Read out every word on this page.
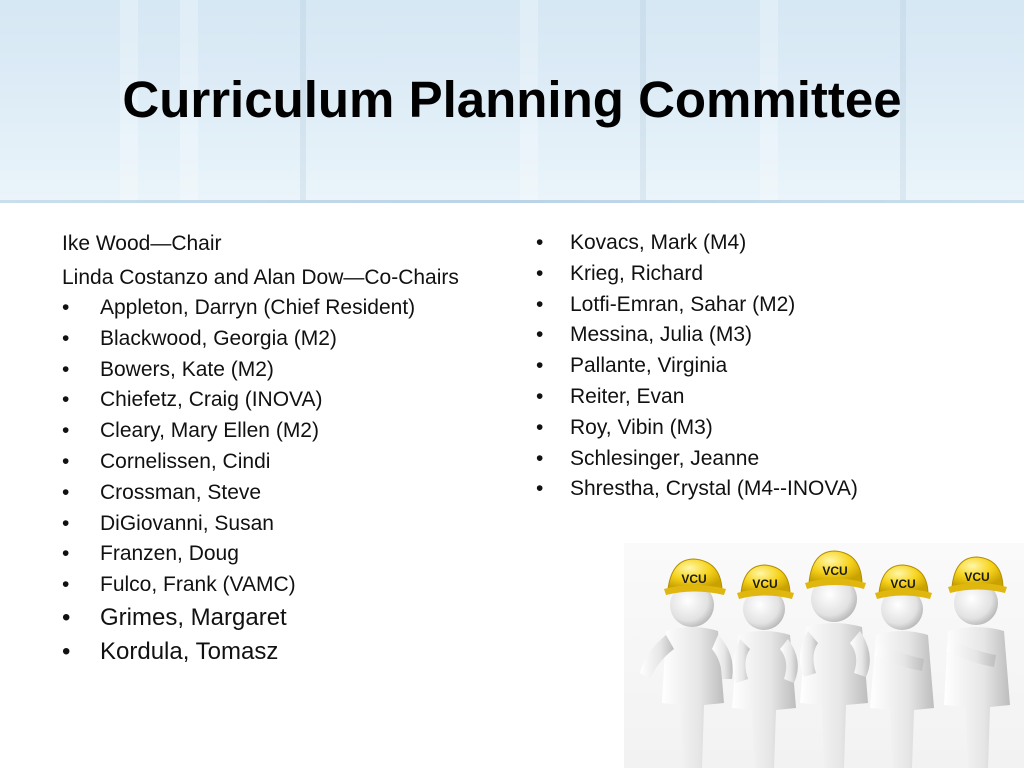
Curriculum Planning Committee

Ike Wood—Chair

Linda Costanzo and Alan Dow—Co-Chairs

•	Appleton, Darryn (Chief Resident)
•	Blackwood, Georgia (M2)
•	Bowers, Kate (M2)
•	Chiefetz, Craig (INOVA)
•	Cleary, Mary Ellen (M2)
•	Cornelissen, Cindi
•	Crossman, Steve
•	DiGiovanni, Susan
•	Franzen, Doug
•	Fulco, Frank (VAMC)
•	Grimes, Margaret
•	Kordula, Tomasz
•	Kovacs, Mark (M4)
•	Krieg, Richard
•	Lotfi-Emran, Sahar (M2)
•	Messina, Julia (M3)
•	Pallante, Virginia
•	Reiter, Evan
•	Roy, Vibin (M3)
•	Schlesinger, Jeanne
•	Shrestha, Crystal (M4--INOVA)
VCU	VCU
VCU
VCU	VCU
